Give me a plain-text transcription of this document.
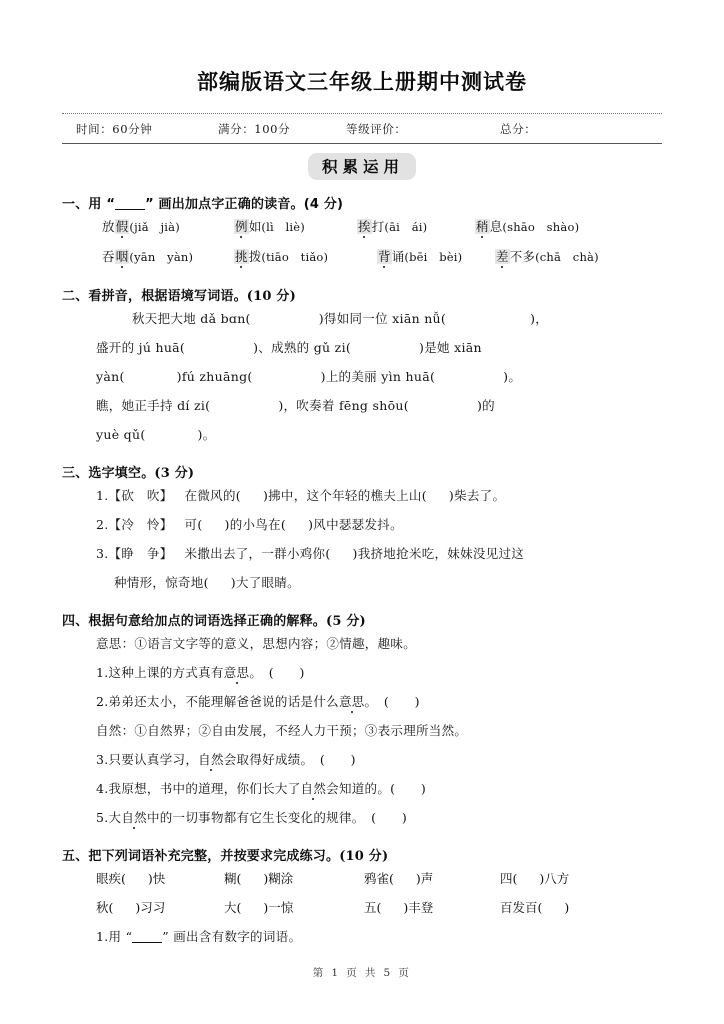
部编版语文三年级上册期中测试卷
时间：60分钟	满分：100分	等级评价：	总分：
积累运用
一、用 “ ” 画出加点字正确的读音。(4 分)
放假(jiǎ　jià)	例如(lì　liè)	挨打(āi　ái)	稍息(shāo　shào)
吞咽(yān　yàn)	挑拨(tiāo　tiǎo)	背诵(bēi　bèi)	差不多(chā　chà)
二、看拼音，根据语境写词语。(10 分)
秋天把大地 dǎ bɑn(	)得如同一位 xiān nǚ(	)，
盛开的 jú huā(	)、成熟的 gǔ zi(	)是她 xiān
yàn(	)fú zhuāng(	)上的美丽 yìn huā(	)。
瞧，她正手持 dí zi(	)，吹奏着 fēng shōu(	)的
yuè qǔ(	)。
三、选字填空。(3 分)
1.【砍　吹】 在微风的( )拂中，这个年轻的樵夫上山( )柴去了。
2.【冷　怜】 可( )的小鸟在( )风中瑟瑟发抖。
3.【睁　争】 米撒出去了，一群小鸡你( )我挤地抢米吃，妹妹没见过这
种情形，惊奇地( )大了眼睛。
四、根据句意给加点的词语选择正确的解释。(5 分)
意思：①语言文字等的意义，思想内容；②情趣，趣味。
1.这种上课的方式真有意思。　(　　)
2.弟弟还太小，不能理解爸爸说的话是什么意思。　(　　)
自然：①自然界；②自由发展，不经人力干预；③表示理所当然。
3.只要认真学习，自然会取得好成绩。　(　　)
4.我原想，书中的道理，你们长大了自然会知道的。(　　)
5.大自然中的一切事物都有它生长变化的规律。　(　　)
五、把下列词语补充完整，并按要求完成练习。(10 分)
眼疾( )快	糊( )糊涂	鸦雀( )声	四( )八方
秋( )习习	大( )一惊	五( )丰登	百发百( )
1.用 “ ” 画出含有数字的词语。
第 1 页 共 5 页
